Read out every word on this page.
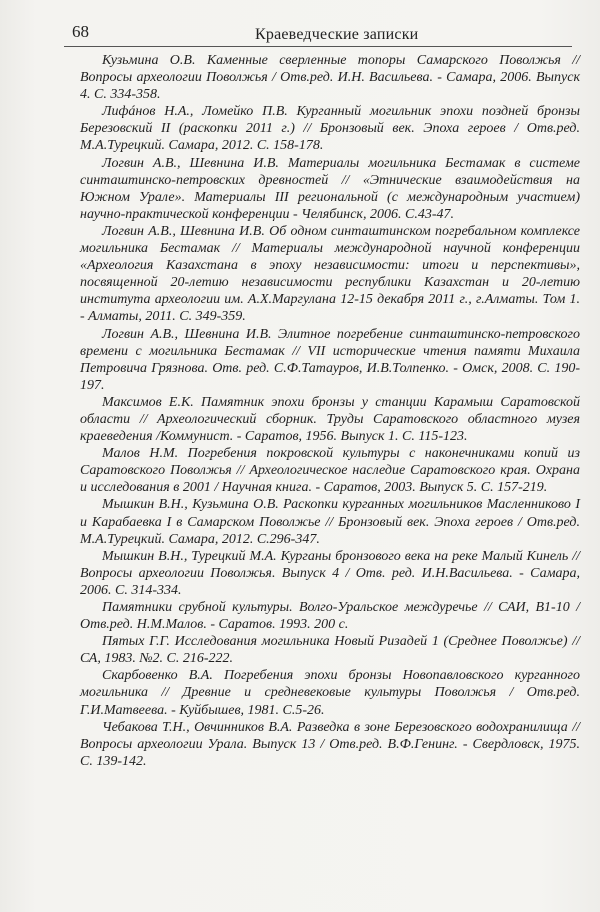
68	Краеведческие записки

Кузьмина О.В. Каменные сверленные топоры Самарского Поволжья // Вопросы археологии Поволжья / Отв.ред. И.Н. Васильева. - Самара, 2006. Выпуск 4. С. 334-358.

Лифáнов Н.А., Ломейко П.В. Курганный могильник эпохи поздней бронзы Березовский II (раскопки 2011 г.) // Бронзовый век. Эпоха героев / Отв.ред. М.А.Турецкий. Самара, 2012. С. 158-178.

Логвин А.В., Шевнина И.В. Материалы могильника Бестамак в системе синташтинско-петровских древностей // «Этнические взаимодействия на Южном Урале». Материалы III региональной (с международным участием) научно-практической конференции - Челябинск, 2006. С.43-47.

Логвин А.В., Шевнина И.В. Об одном синташтинском погребальном комплексе могильника Бестамак // Материалы международной научной конференции «Археология Казахстана в эпоху независимости: итоги и перспективы», посвященной 20-летию независимости республики Казахстан и 20-летию института археологии им. А.Х.Маргулана 12-15 декабря 2011 г., г.Алматы. Том 1. - Алматы, 2011. С. 349-359.

Логвин А.В., Шевнина И.В. Элитное погребение синташтинско-петровского времени с могильника Бестамак // VII исторические чтения памяти Михаила Петровича Грязнова. Отв. ред. С.Ф.Татауров, И.В.Толпенко. - Омск, 2008. С. 190-197.

Максимов Е.К. Памятник эпохи бронзы у станции Карамыш Саратовской области // Археологический сборник. Труды Саратовского областного музея краеведения /Коммунист. - Саратов, 1956. Выпуск 1. С. 115-123.

Малов Н.М. Погребения покровской культуры с наконечниками копий из Саратовского Поволжья // Археологическое наследие Саратовского края. Охрана и исследования в 2001 / Научная книга. - Саратов, 2003. Выпуск 5. С. 157-219.

Мышкин В.Н., Кузьмина О.В. Раскопки курганных могильников Масленниково I и Карабаевка I в Самарском Поволжье // Бронзовый век. Эпоха героев / Отв.ред. М.А.Турецкий. Самара, 2012. С.296-347.

Мышкин В.Н., Турецкий М.А. Курганы бронзового века на реке Малый Кинель // Вопросы археологии Поволжья. Выпуск 4 / Отв. ред. И.Н.Васильева. - Самара, 2006. С. 314-334.

Памятники срубной культуры. Волго-Уральское междуречье // САИ, В1-10 / Отв.ред. Н.М.Малов. - Саратов. 1993. 200 с.

Пятых Г.Г. Исследования могильника Новый Ризадей 1 (Среднее Поволжье) // СА, 1983. №2. С. 216-222.

Скарбовенко В.А. Погребения эпохи бронзы Новопавловского курганного могильника // Древние и средневековые культуры Поволжья / Отв.ред. Г.И.Матвеева. - Куйбышев, 1981. С.5-26.

Чебакова Т.Н., Овчинников В.А. Разведка в зоне Березовского водохранилища // Вопросы археологии Урала. Выпуск 13 / Отв.ред. В.Ф.Генинг. - Свердловск, 1975. С. 139-142.
